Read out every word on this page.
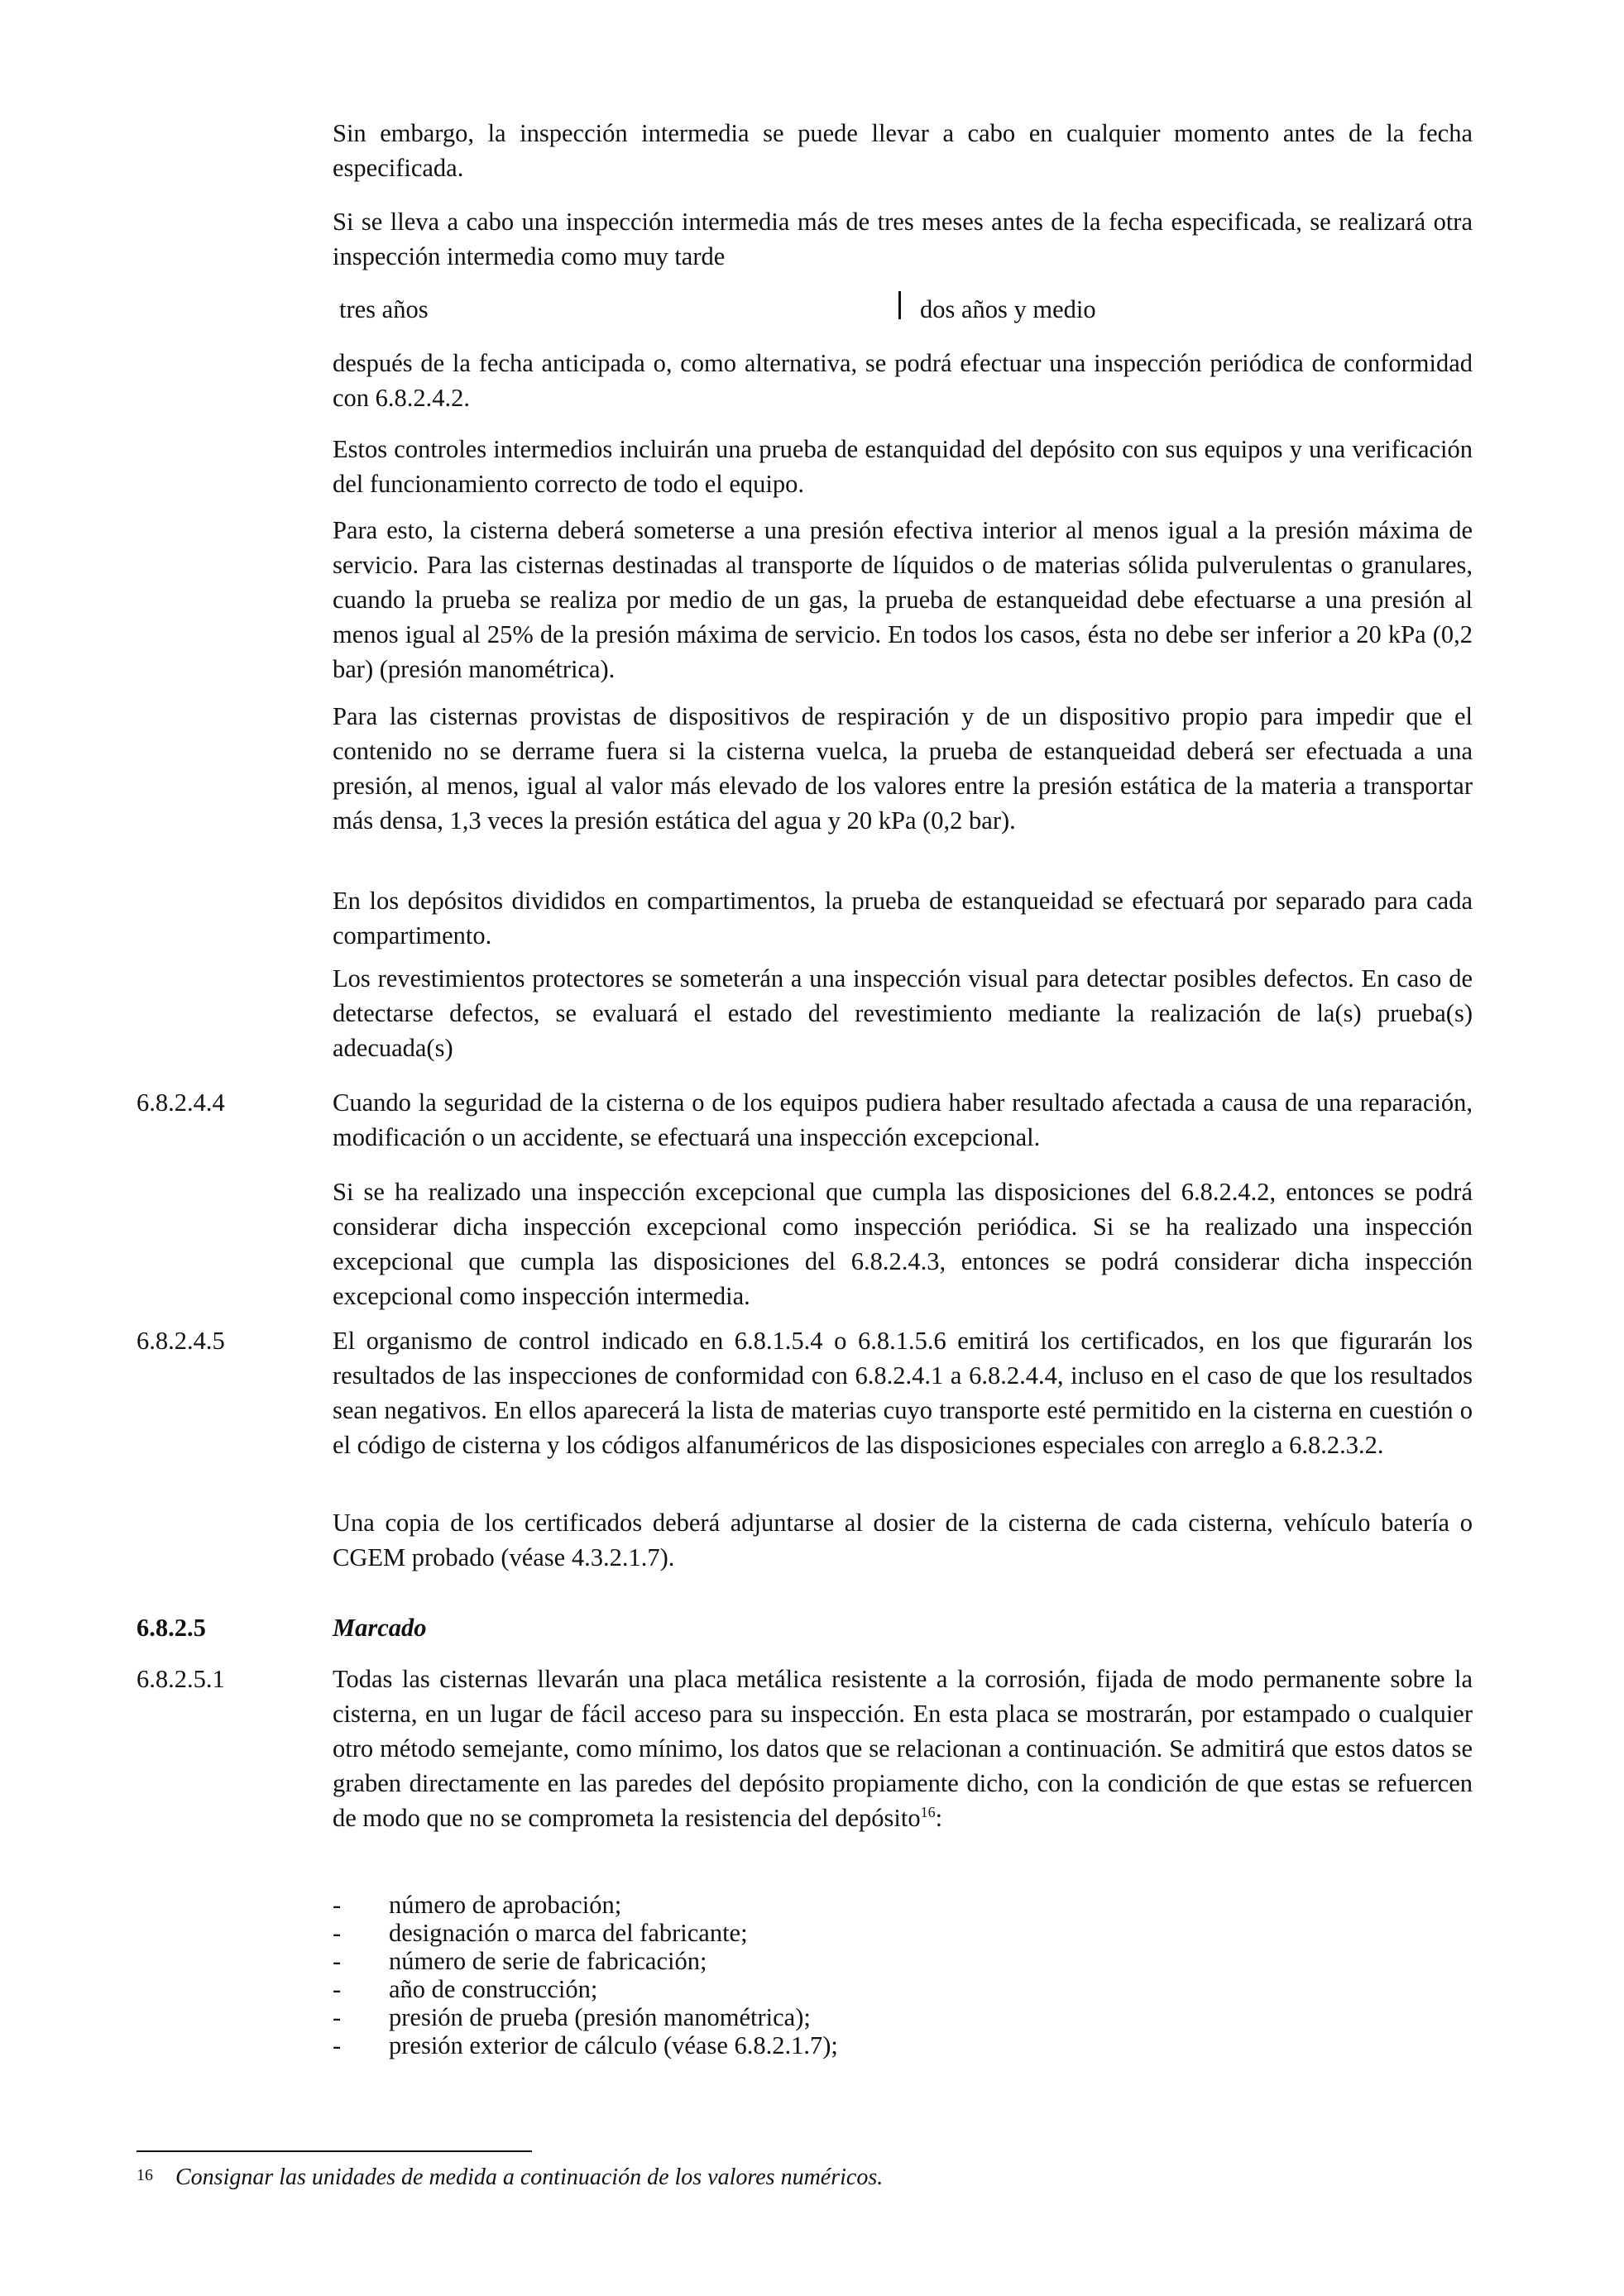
Sin embargo, la inspección intermedia se puede llevar a cabo en cualquier momento antes de la fecha especificada.

Si se lleva a cabo una inspección intermedia más de tres meses antes de la fecha especificada, se realizará otra inspección intermedia como muy tarde

tres años	dos años y medio

después de la fecha anticipada o, como alternativa, se podrá efectuar una inspección periódica de conformidad con 6.8.2.4.2.

Estos controles intermedios incluirán una prueba de estanquidad del depósito con sus equipos y una verificación del funcionamiento correcto de todo el equipo.

Para esto, la cisterna deberá someterse a una presión efectiva interior al menos igual a la presión máxima de servicio. Para las cisternas destinadas al transporte de líquidos o de materias sólida pulverulentas o granulares, cuando la prueba se realiza por medio de un gas, la prueba de estanqueidad debe efectuarse a una presión al menos igual al 25% de la presión máxima de servicio. En todos los casos, ésta no debe ser inferior a 20 kPa (0,2 bar) (presión manométrica).

Para las cisternas provistas de dispositivos de respiración y de un dispositivo propio para impedir que el contenido no se derrame fuera si la cisterna vuelca, la prueba de estanqueidad deberá ser efectuada a una presión, al menos, igual al valor más elevado de los valores entre la presión estática de la materia a transportar más densa, 1,3 veces la presión estática del agua y 20 kPa (0,2 bar).

En los depósitos divididos en compartimentos, la prueba de estanqueidad se efectuará por separado para cada compartimento.

Los revestimientos protectores se someterán a una inspección visual para detectar posibles defectos. En caso de detectarse defectos, se evaluará el estado del revestimiento mediante la realización de la(s) prueba(s) adecuada(s)

6.8.2.4.4	Cuando la seguridad de la cisterna o de los equipos pudiera haber resultado afectada a causa de una reparación, modificación o un accidente, se efectuará una inspección excepcional.

Si se ha realizado una inspección excepcional que cumpla las disposiciones del 6.8.2.4.2, entonces se podrá considerar dicha inspección excepcional como inspección periódica. Si se ha realizado una inspección excepcional que cumpla las disposiciones del 6.8.2.4.3, entonces se podrá considerar dicha inspección excepcional como inspección intermedia.

6.8.2.4.5	El organismo de control indicado en 6.8.1.5.4 o 6.8.1.5.6 emitirá los certificados, en los que figurarán los resultados de las inspecciones de conformidad con 6.8.2.4.1 a 6.8.2.4.4, incluso en el caso de que los resultados sean negativos. En ellos aparecerá la lista de materias cuyo transporte esté permitido en la cisterna en cuestión o el código de cisterna y los códigos alfanuméricos de las disposiciones especiales con arreglo a 6.8.2.3.2.

Una copia de los certificados deberá adjuntarse al dosier de la cisterna de cada cisterna, vehículo batería o CGEM probado (véase 4.3.2.1.7).

6.8.2.5	Marcado
6.8.2.5.1	Todas las cisternas llevarán una placa metálica resistente a la corrosión, fijada de modo permanente sobre la cisterna, en un lugar de fácil acceso para su inspección. En esta placa se mostrarán, por estampado o cualquier otro método semejante, como mínimo, los datos que se relacionan a continuación. Se admitirá que estos datos se graben directamente en las paredes del depósito propiamente dicho, con la condición de que estas se refuercen de modo que no se comprometa la resistencia del depósito$^{16}$:

- número de aprobación;
- designación o marca del fabricante;
- número de serie de fabricación;
- año de construcción;
- presión de prueba (presión manométrica);
- presión exterior de cálculo (véase 6.8.2.1.7);
16 Consignar las unidades de medida a continuación de los valores numéricos.
